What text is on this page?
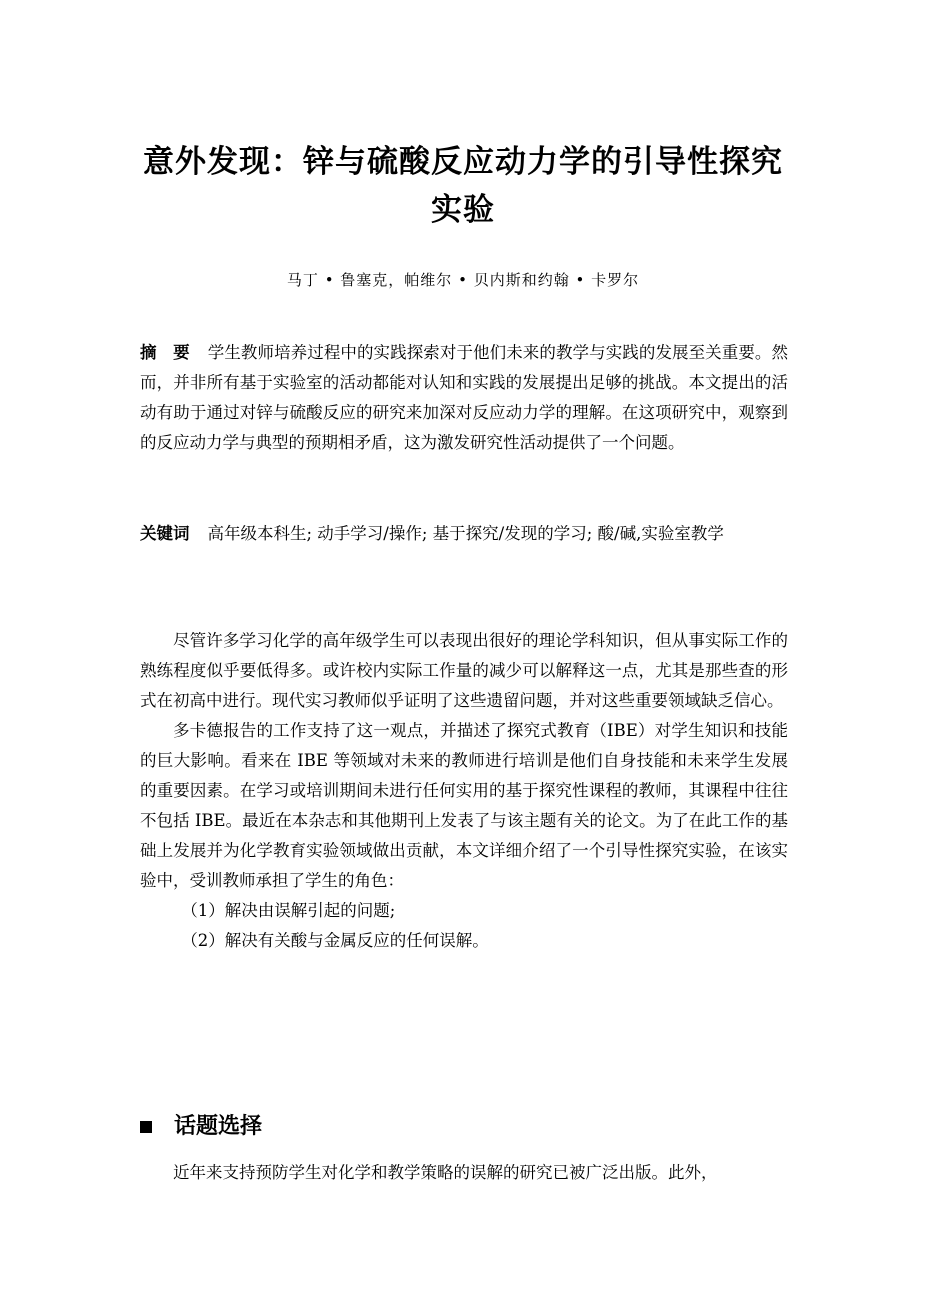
意外发现：锌与硫酸反应动力学的引导性探究实验
马丁 • 鲁塞克，帕维尔 • 贝内斯和约翰 • 卡罗尔
摘　要 学生教师培养过程中的实践探索对于他们未来的教学与实践的发展至关重要。然而，并非所有基于实验室的活动都能对认知和实践的发展提出足够的挑战。本文提出的活动有助于通过对锌与硫酸反应的研究来加深对反应动力学的理解。在这项研究中，观察到的反应动力学与典型的预期相矛盾，这为激发研究性活动提供了一个问题。
关键词 高年级本科生; 动手学习/操作; 基于探究/发现的学习; 酸/碱,实验室教学

尽管许多学习化学的高年级学生可以表现出很好的理论学科知识，但从事实际工作的熟练程度似乎要低得多。或许校内实际工作量的减少可以解释这一点，尤其是那些查的形式在初高中进行。现代实习教师似乎证明了这些遗留问题，并对这些重要领域缺乏信心。

多卡德报告的工作支持了这一观点，并描述了探究式教育（IBE）对学生知识和技能的巨大影响。看来在 IBE 等领域对未来的教师进行培训是他们自身技能和未来学生发展的重要因素。在学习或培训期间未进行任何实用的基于探究性课程的教师，其课程中往往不包括 IBE。最近在本杂志和其他期刊上发表了与该主题有关的论文。为了在此工作的基础上发展并为化学教育实验领域做出贡献，本文详细介绍了一个引导性探究实验，在该实验中，受训教师承担了学生的角色：

（1）解决由误解引起的问题;

（2）解决有关酸与金属反应的任何误解。

话题选择

近年来支持预防学生对化学和教学策略的误解的研究已被广泛出版。此外，
